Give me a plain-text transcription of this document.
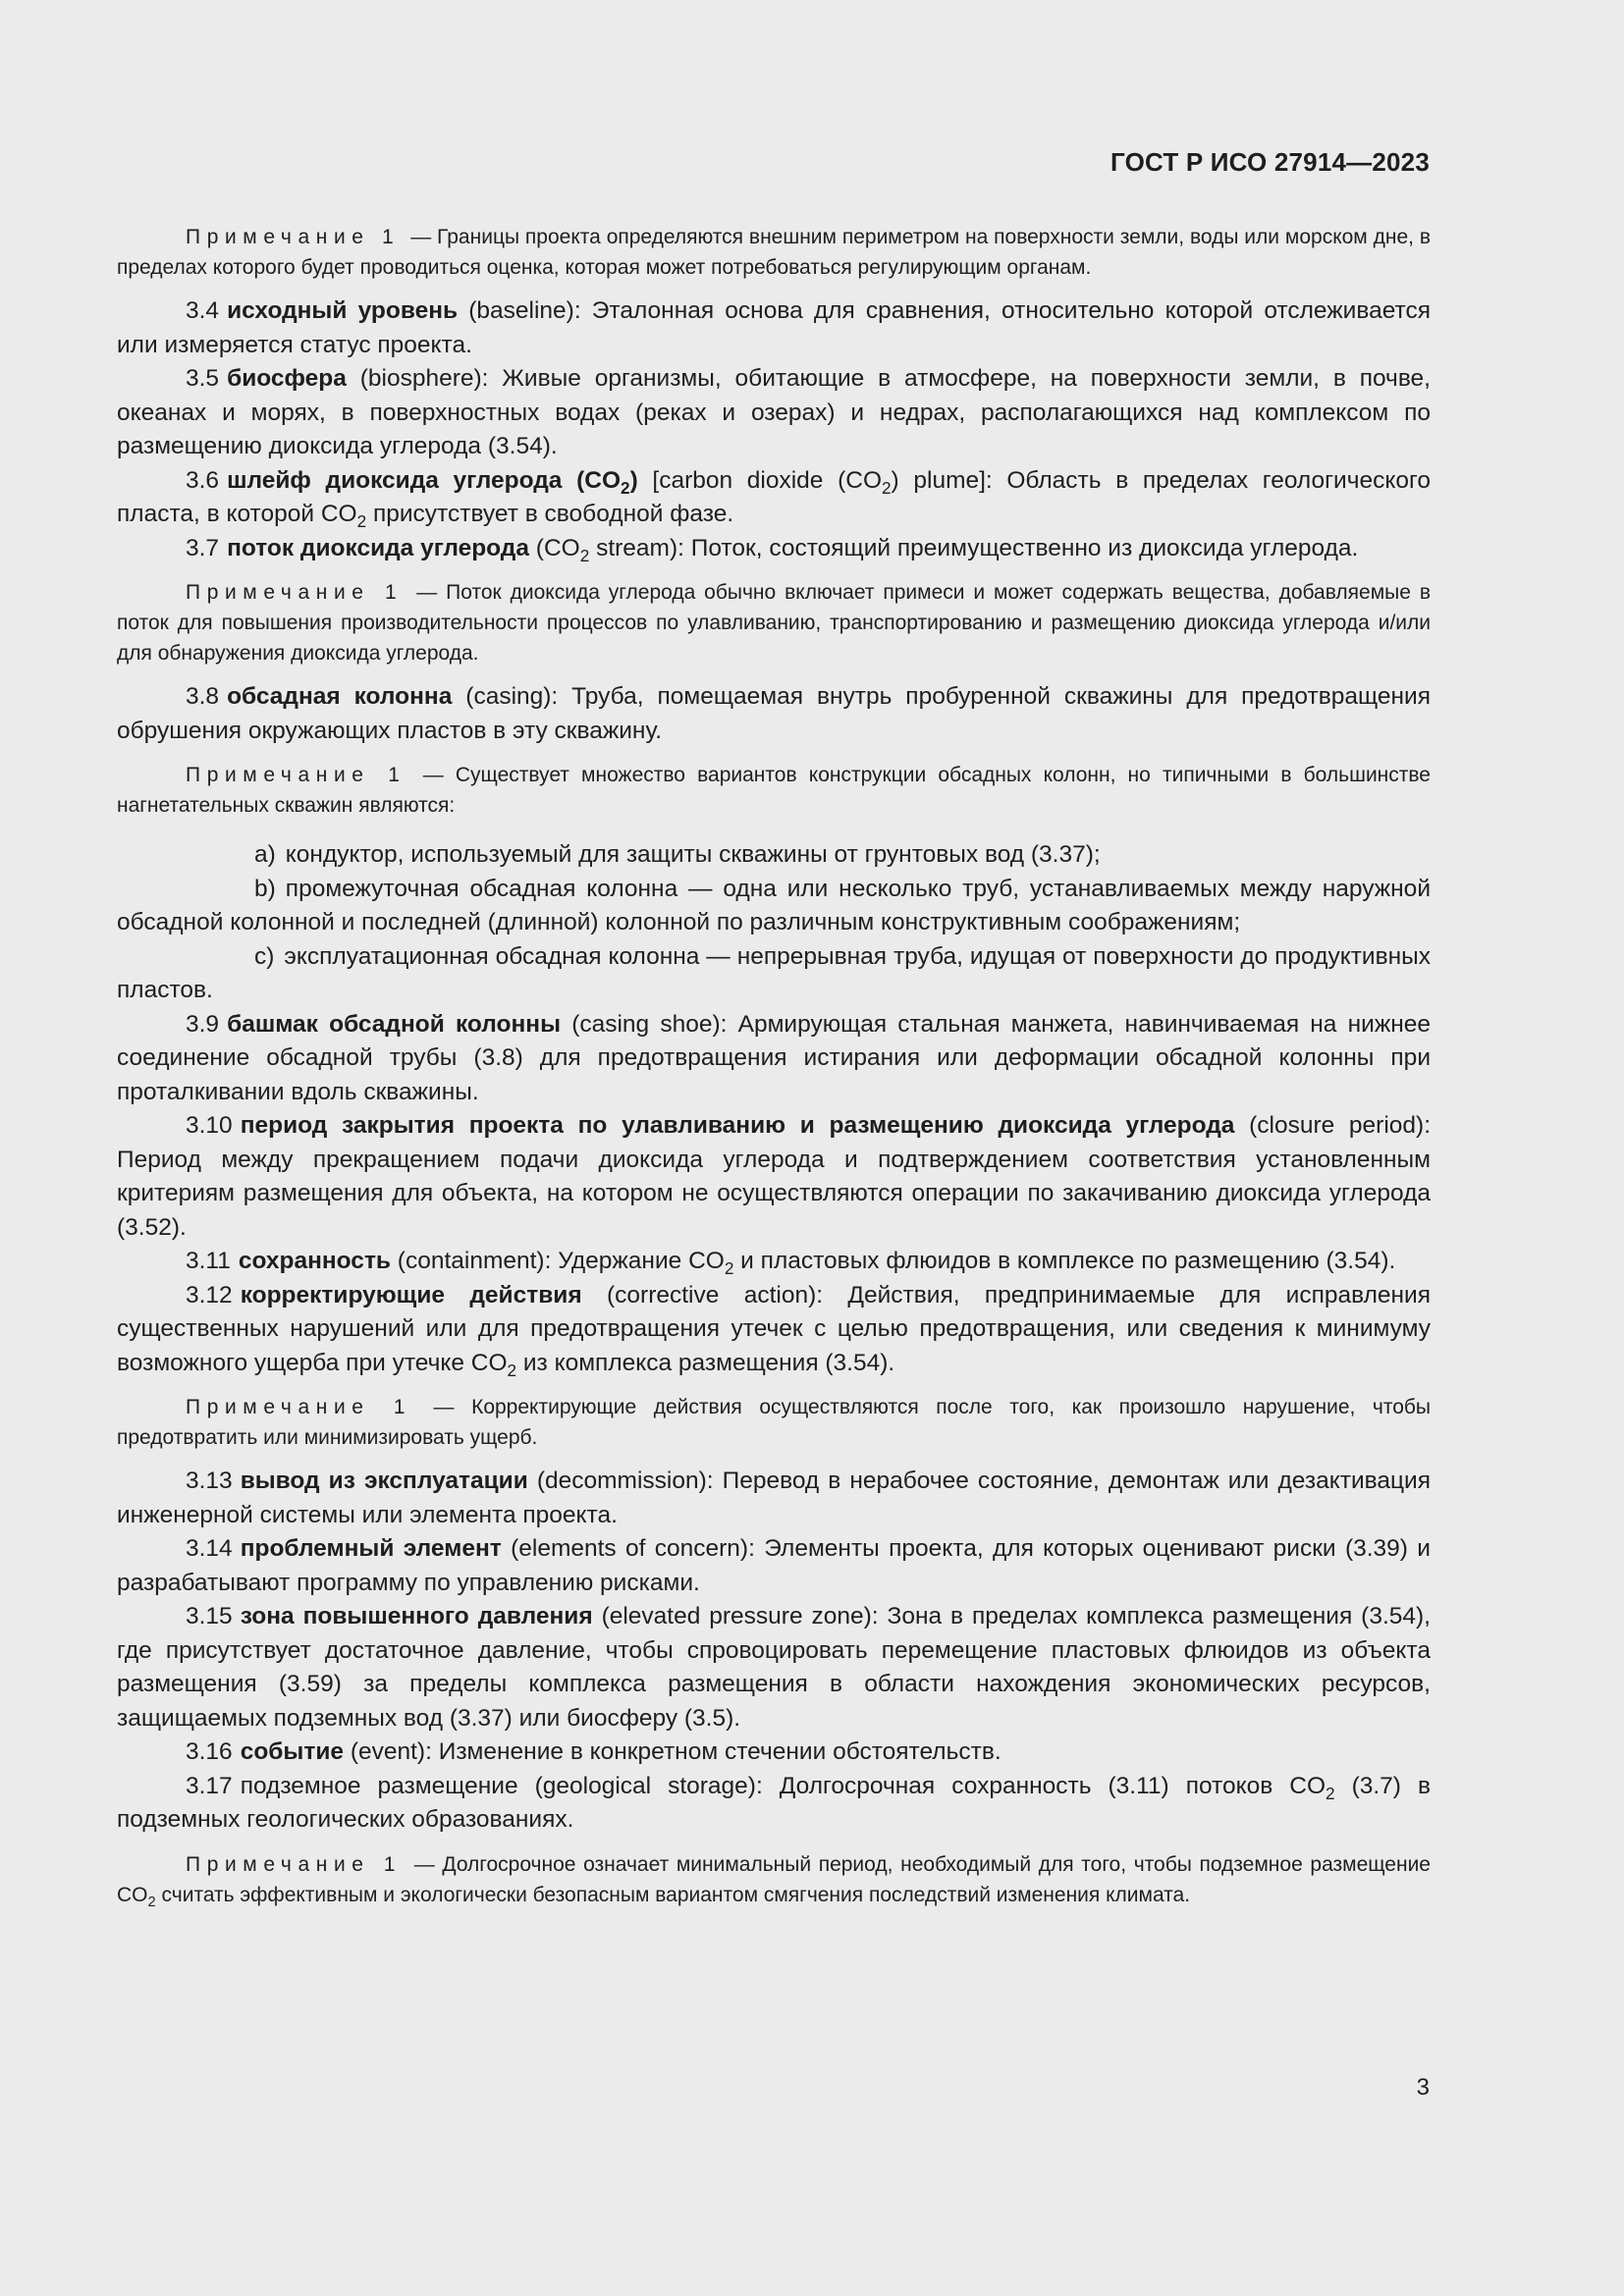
ГОСТ Р ИСО 27914—2023

Примечание 1 — Границы проекта определяются внешним периметром на поверхности земли, воды или морском дне, в пределах которого будет проводиться оценка, которая может потребоваться регулирующим органам.

3.4 исходный уровень (baseline): Эталонная основа для сравнения, относительно которой отслеживается или измеряется статус проекта.

3.5 биосфера (biosphere): Живые организмы, обитающие в атмосфере, на поверхности земли, в почве, океанах и морях, в поверхностных водах (реках и озерах) и недрах, располагающихся над комплексом по размещению диоксида углерода (3.54).

3.6 шлейф диоксида углерода $(CO_2)$ [carbon dioxide $(CO_2)$ plume]: Область в пределах геологического пласта, в которой $CO_2$ присутствует в свободной фазе.

3.7 поток диоксида углерода ($CO_2$ stream): Поток, состоящий преимущественно из диоксида углерода.

Примечание 1 — Поток диоксида углерода обычно включает примеси и может содержать вещества, добавляемые в поток для повышения производительности процессов по улавливанию, транспортированию и размещению диоксида углерода и/или для обнаружения диоксида углерода.

3.8 обсадная колонна (casing): Труба, помещаемая внутрь пробуренной скважины для предотвращения обрушения окружающих пластов в эту скважину.

Примечание 1 — Существует множество вариантов конструкции обсадных колонн, но типичными в большинстве нагнетательных скважин являются:

а) кондуктор, используемый для защиты скважины от грунтовых вод (3.37);

b) промежуточная обсадная колонна — одна или несколько труб, устанавливаемых между наружной обсадной колонной и последней (длинной) колонной по различным конструктивным соображениям;

с) эксплуатационная обсадная колонна — непрерывная труба, идущая от поверхности до продуктивных пластов.

3.9 башмак обсадной колонны (casing shoe): Армирующая стальная манжета, навинчиваемая на нижнее соединение обсадной трубы (3.8) для предотвращения истирания или деформации обсадной колонны при проталкивании вдоль скважины.

3.10 период закрытия проекта по улавливанию и размещению диоксида углерода (closure period): Период между прекращением подачи диоксида углерода и подтверждением соответствия установленным критериям размещения для объекта, на котором не осуществляются операции по закачиванию диоксида углерода (3.52).

3.11 сохранность (containment): Удержание $CO_2$ и пластовых флюидов в комплексе по размещению (3.54).

3.12 корректирующие действия (corrective action): Действия, предпринимаемые для исправления существенных нарушений или для предотвращения утечек с целью предотвращения, или сведения к минимуму возможного ущерба при утечке $CO_2$ из комплекса размещения (3.54).

Примечание 1 — Корректирующие действия осуществляются после того, как произошло нарушение, чтобы предотвратить или минимизировать ущерб.

3.13 вывод из эксплуатации (decommission): Перевод в нерабочее состояние, демонтаж или дезактивация инженерной системы или элемента проекта.

3.14 проблемный элемент (elements of concern): Элементы проекта, для которых оценивают риски (3.39) и разрабатывают программу по управлению рисками.

3.15 зона повышенного давления (elevated pressure zone): Зона в пределах комплекса размещения (3.54), где присутствует достаточное давление, чтобы спровоцировать перемещение пластовых флюидов из объекта размещения (3.59) за пределы комплекса размещения в области нахождения экономических ресурсов, защищаемых подземных вод (3.37) или биосферу (3.5).

3.16 событие (event): Изменение в конкретном стечении обстоятельств.

3.17 подземное размещение (geological storage): Долгосрочная сохранность (3.11) потоков $CO_2$ (3.7) в подземных геологических образованиях.

Примечание 1 — Долгосрочное означает минимальный период, необходимый для того, чтобы подземное размещение $CO_2$ считать эффективным и экологически безопасным вариантом смягчения последствий изменения климата.

3
